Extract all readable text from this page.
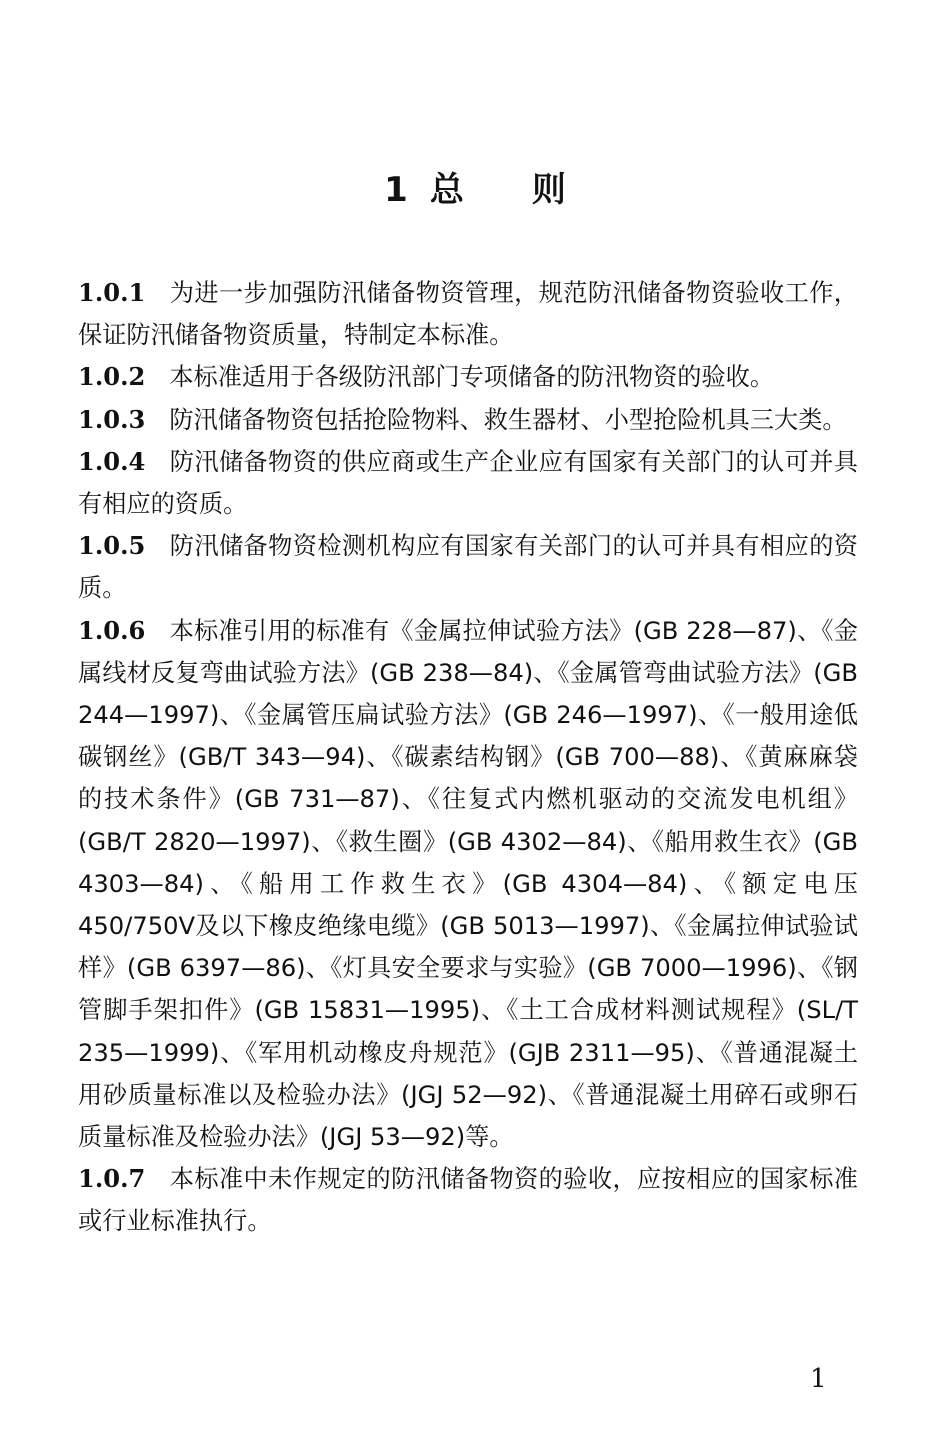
1 总则

1.0.1 为进一步加强防汛储备物资管理，规范防汛储备物资验收工作，保证防汛储备物资质量，特制定本标准。

1.0.2 本标准适用于各级防汛部门专项储备的防汛物资的验收。

1.0.3 防汛储备物资包括抢险物料、救生器材、小型抢险机具三大类。

1.0.4 防汛储备物资的供应商或生产企业应有国家有关部门的认可并具有相应的资质。

1.0.5 防汛储备物资检测机构应有国家有关部门的认可并具有相应的资质。

1.0.6 本标准引用的标准有《金属拉伸试验方法》(GB 228—87)、《金属线材反复弯曲试验方法》(GB 238—84)、《金属管弯曲试验方法》(GB 244—1997)、《金属管压扁试验方法》(GB 246—1997)、《一般用途低碳钢丝》(GB/T 343—94)、《碳素结构钢》(GB 700—88)、《黄麻麻袋的技术条件》(GB 731—87)、《往复式内燃机驱动的交流发电机组》(GB/T 2820—1997)、《救生圈》(GB 4302—84)、《船用救生衣》(GB 4303—84)、《船用工作救生衣》(GB 4304—84)、《额定电压450/750V及以下橡皮绝缘电缆》(GB 5013—1997)、《金属拉伸试验试样》(GB 6397—86)、《灯具安全要求与实验》(GB 7000—1996)、《钢管脚手架扣件》(GB 15831—1995)、《土工合成材料测试规程》(SL/T 235—1999)、《军用机动橡皮舟规范》(GJB 2311—95)、《普通混凝土用砂质量标准以及检验办法》(JGJ 52—92)、《普通混凝土用碎石或卵石质量标准及检验办法》(JGJ 53—92)等。

1.0.7 本标准中未作规定的防汛储备物资的验收，应按相应的国家标准或行业标准执行。

1
